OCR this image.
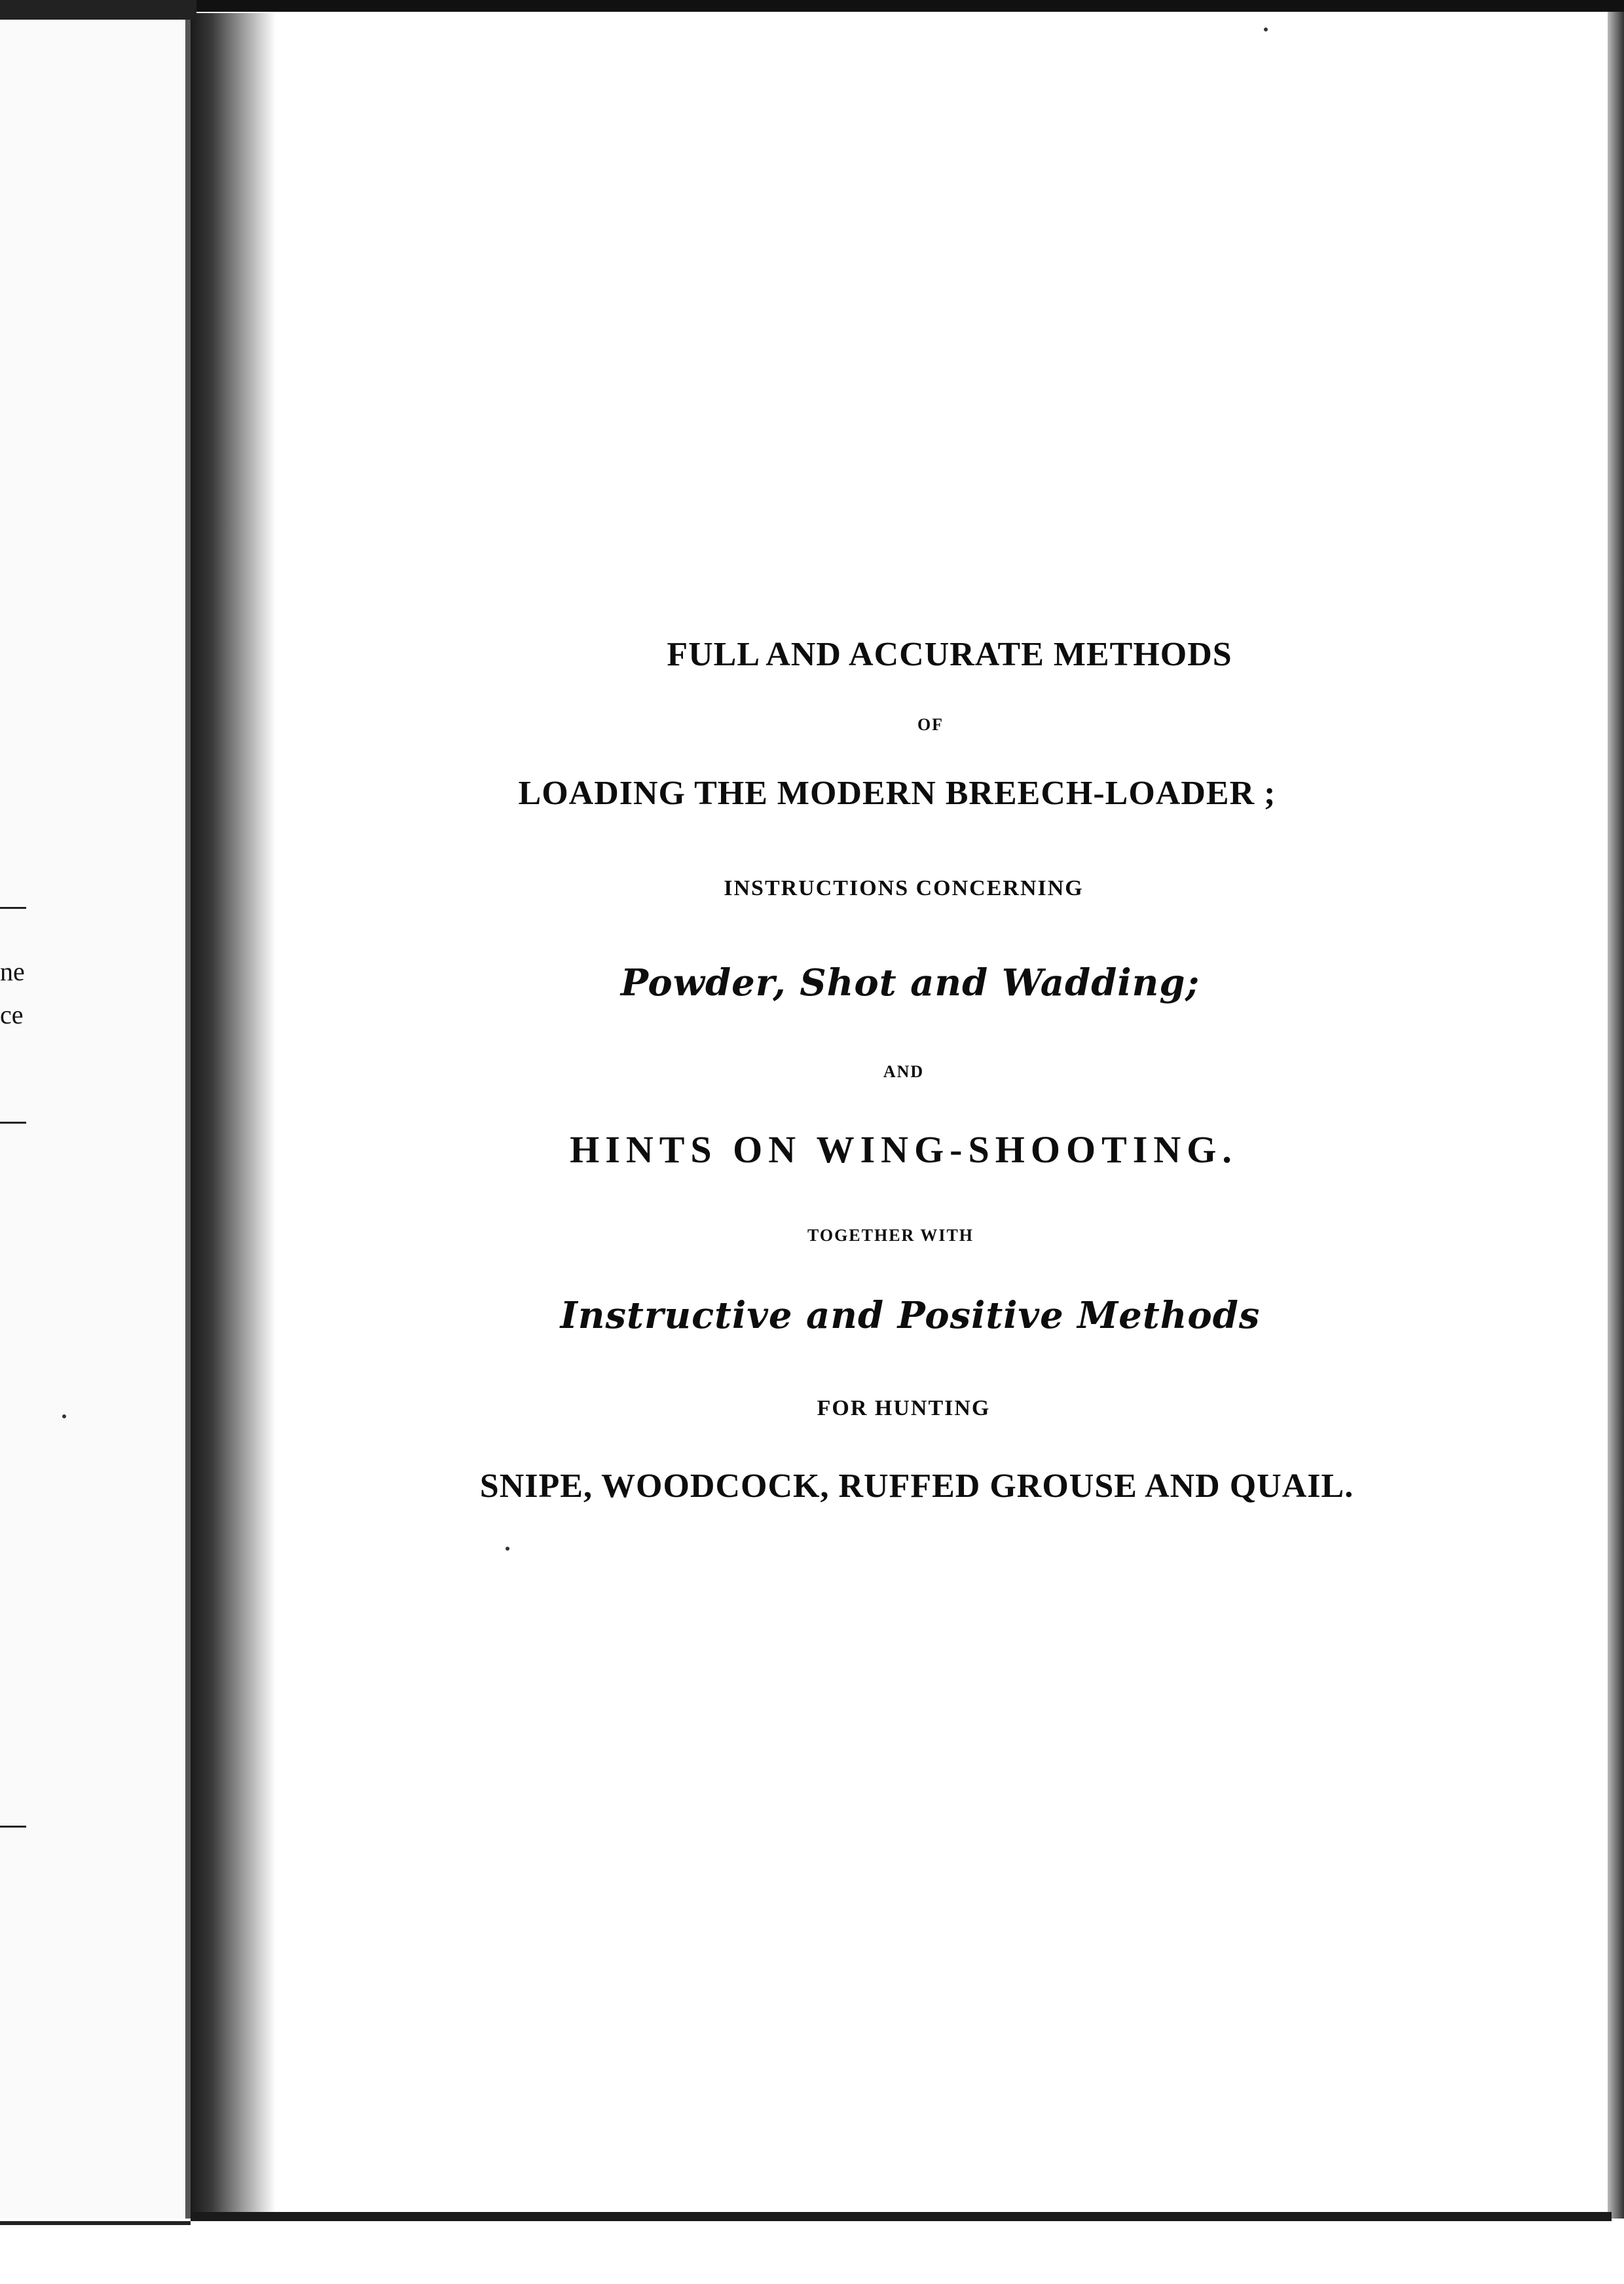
ne
ce
FULL AND ACCURATE METHODS
OF
LOADING THE MODERN BREECH-LOADER ;
INSTRUCTIONS CONCERNING
Powder, Shot and Wadding;
AND
HINTS ON WING-SHOOTING.
TOGETHER WITH
Instructive and Positive Methods
FOR HUNTING
SNIPE, WOODCOCK, RUFFED GROUSE AND QUAIL.
